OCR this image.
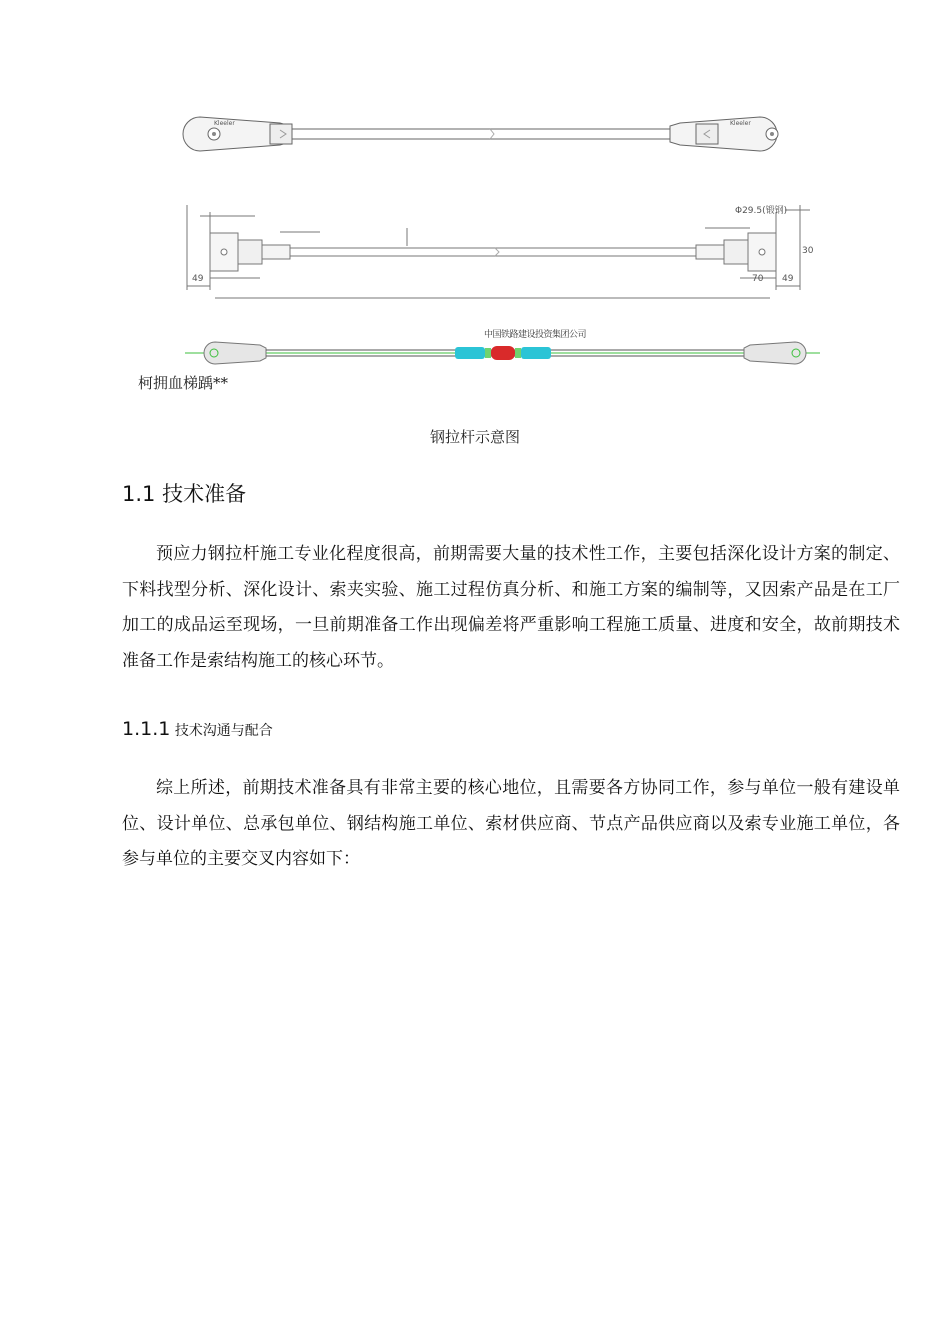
Kleeler	Kleeler
Φ29.5(锻钢)
49	70 49
30
中国铁路建设投资集团公司
柯拥血梯踽**
钢拉杆示意图
1.1 技术准备

预应力钢拉杆施工专业化程度很高，前期需要大量的技术性工作，主要包括深化设计方案的制定、下料找型分析、深化设计、索夹实验、施工过程仿真分析、和施工方案的编制等，又因索产品是在工厂加工的成品运至现场，一旦前期准备工作出现偏差将严重影响工程施工质量、进度和安全，故前期技术准备工作是索结构施工的核心环节。

1.1.1 技术沟通与配合

综上所述，前期技术准备具有非常主要的核心地位，且需要各方协同工作，参与单位一般有建设单位、设计单位、总承包单位、钢结构施工单位、索材供应商、节点产品供应商以及索专业施工单位，各参与单位的主要交叉内容如下：
